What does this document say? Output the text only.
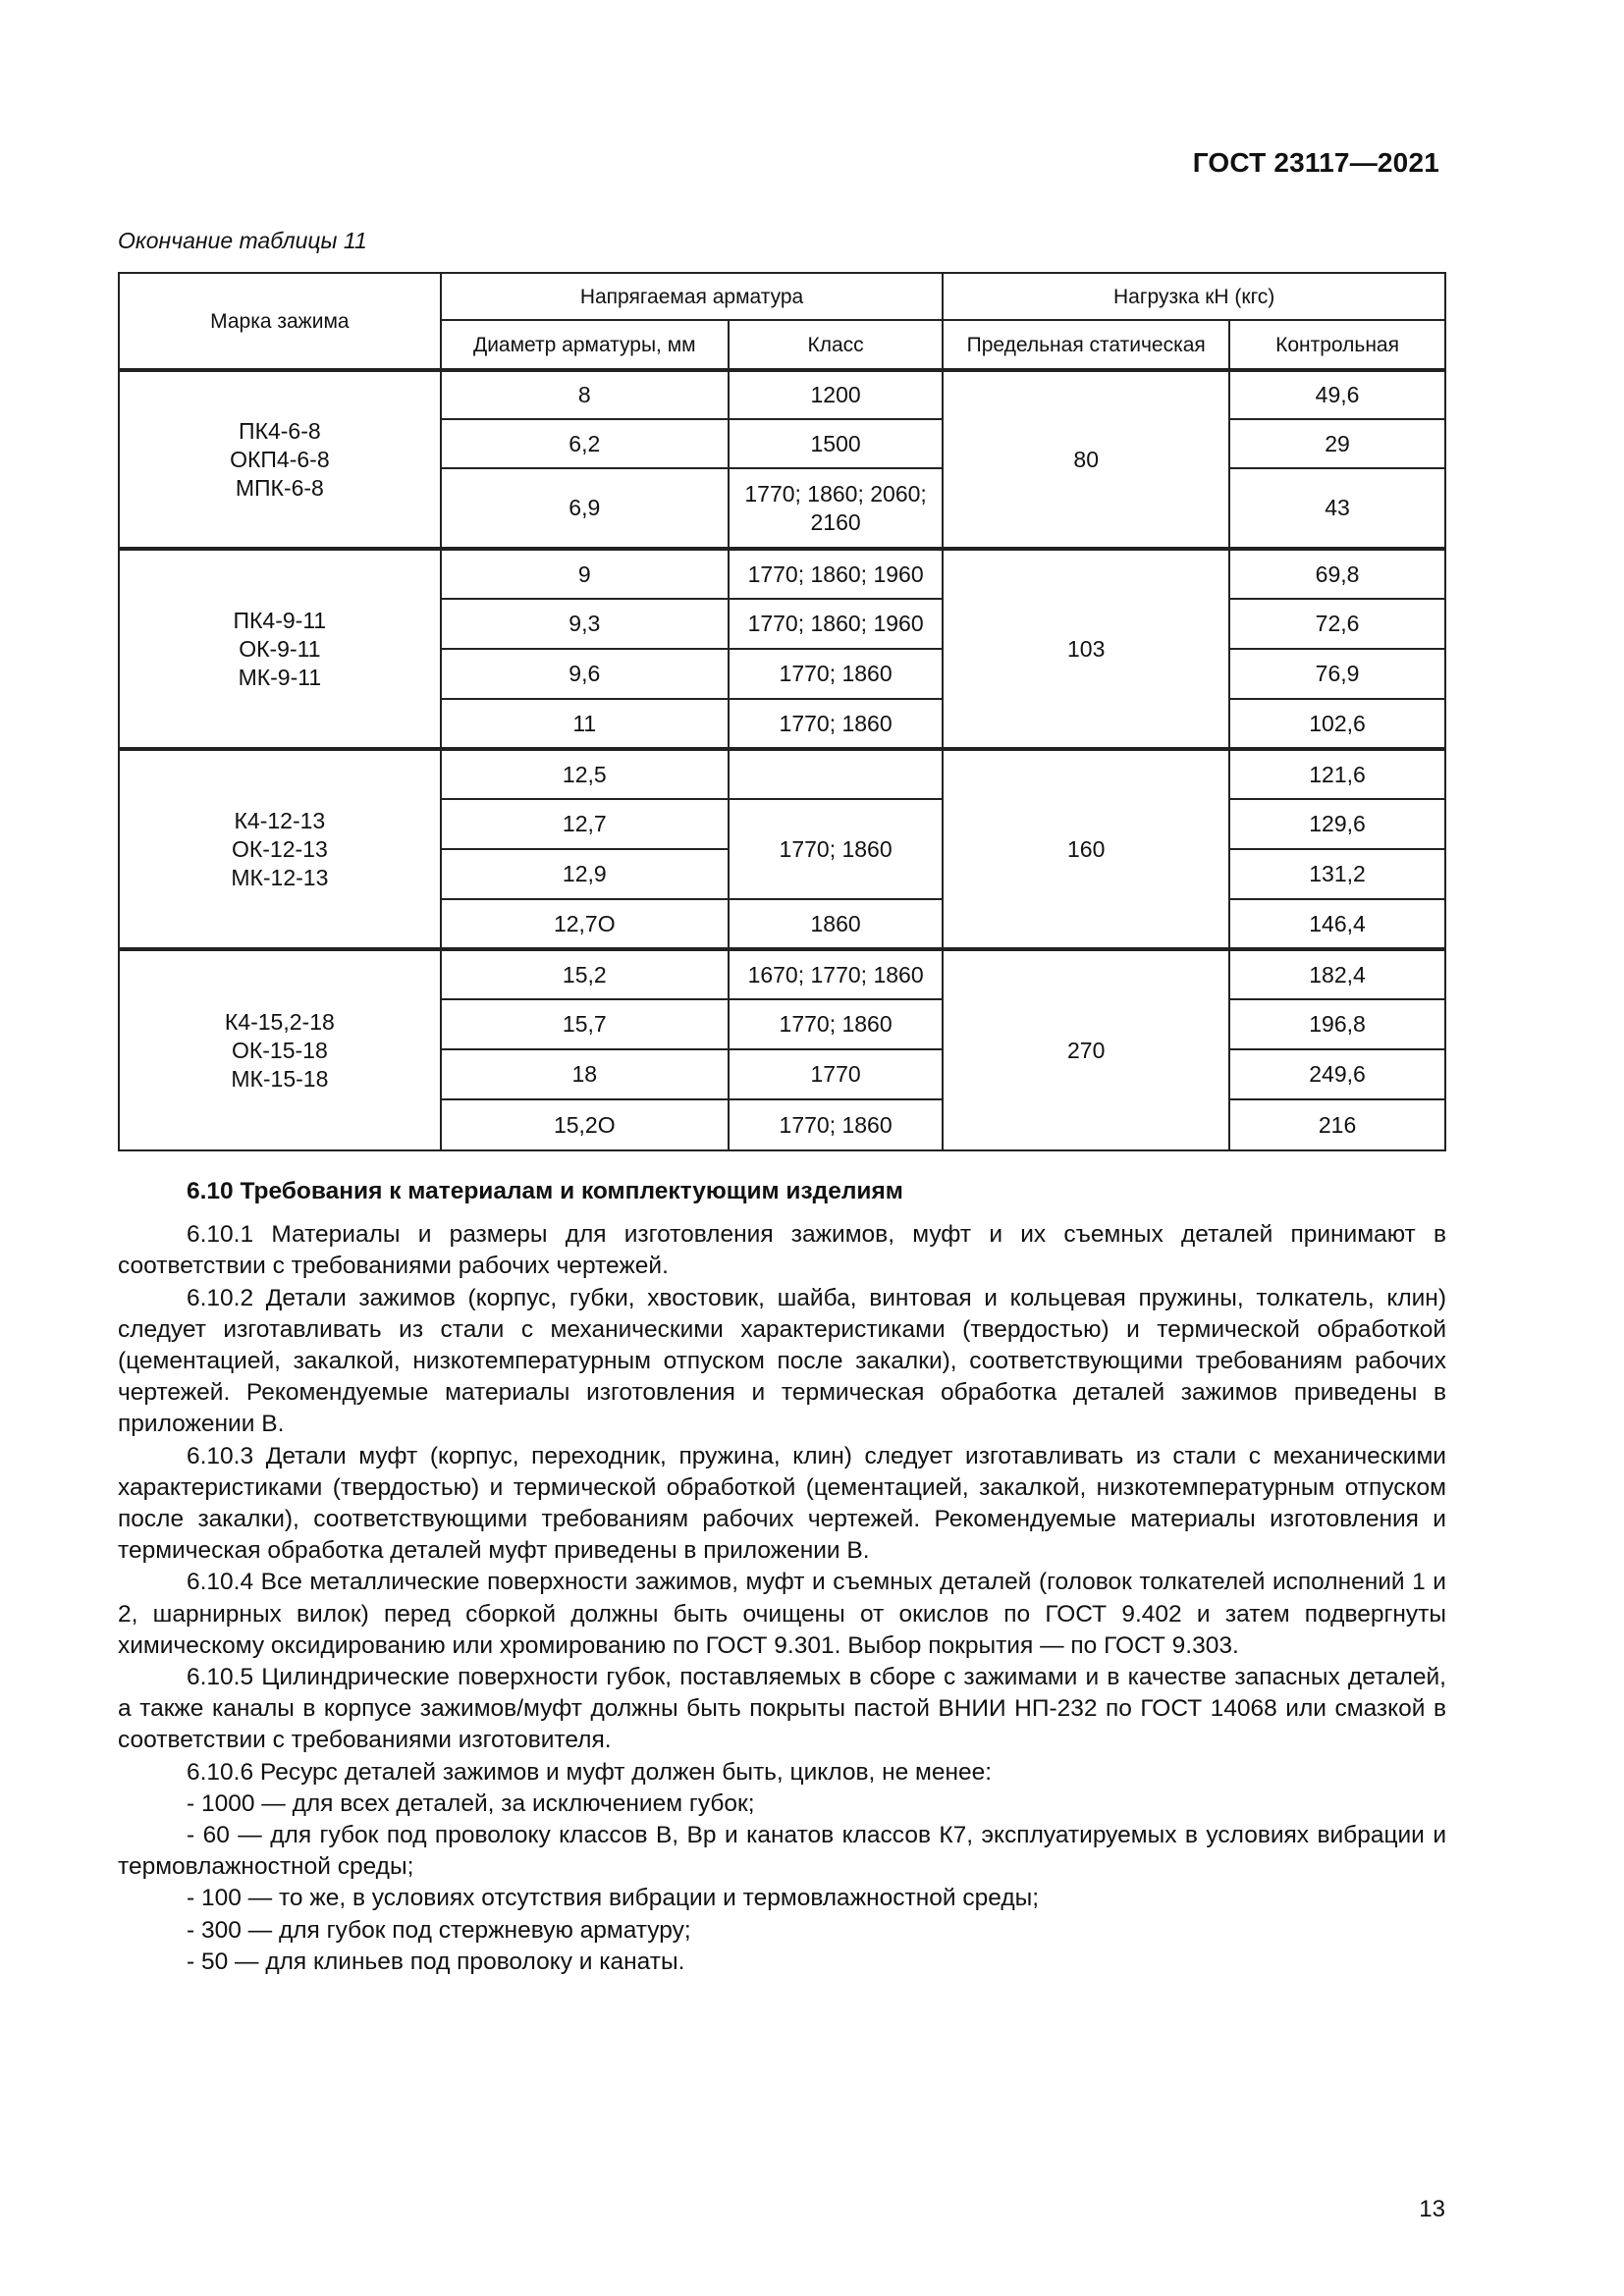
ГОСТ 23117—2021
Окончание таблицы 11
Марка зажима	Напрягаемая арматура		Нагрузка кН (кгс)	
	Диаметр арматуры, мм	Класс	Предельная статическая	Контрольная

ПК4-6-8
ОКП4-6-8
МПК-6-8	8	1200	80	49,6
	6,2	1500		29
	6,9	1770; 1860; 2060; 2160		43

ПК4-9-11
ОК-9-11
МК-9-11	9	1770; 1860; 1960	103	69,8
	9,3	1770; 1860; 1960		72,6
	9,6	1770; 1860		76,9
	11	1770; 1860		102,6

К4-12-13
ОК-12-13
МК-12-13	12,5		160	121,6
	12,7	1770; 1860		129,6
	12,9			131,2
	12,7О	1860		146,4

К4-15,2-18
ОК-15-18
МК-15-18	15,2	1670; 1770; 1860	270	182,4
	15,7	1770; 1860		196,8
	18	1770		249,6
	15,2О	1770; 1860		216

6.10 Требования к материалам и комплектующим изделиям

6.10.1 Материалы и размеры для изготовления зажимов, муфт и их съемных деталей принимают в соответствии с требованиями рабочих чертежей.

6.10.2 Детали зажимов (корпус, губки, хвостовик, шайба, винтовая и кольцевая пружины, толкатель, клин) следует изготавливать из стали с механическими характеристиками (твердостью) и термической обработкой (цементацией, закалкой, низкотемпературным отпуском после закалки), соответствующими требованиям рабочих чертежей. Рекомендуемые материалы изготовления и термическая обработка деталей зажимов приведены в приложении В.

6.10.3 Детали муфт (корпус, переходник, пружина, клин) следует изготавливать из стали с механическими характеристиками (твердостью) и термической обработкой (цементацией, закалкой, низкотемпературным отпуском после закалки), соответствующими требованиям рабочих чертежей. Рекомендуемые материалы изготовления и термическая обработка деталей муфт приведены в приложении В.

6.10.4 Все металлические поверхности зажимов, муфт и съемных деталей (головок толкателей исполнений 1 и 2, шарнирных вилок) перед сборкой должны быть очищены от окислов по ГОСТ 9.402 и затем подвергнуты химическому оксидированию или хромированию по ГОСТ 9.301. Выбор покрытия — по ГОСТ 9.303.

6.10.5 Цилиндрические поверхности губок, поставляемых в сборе с зажимами и в качестве запасных деталей, а также каналы в корпусе зажимов/муфт должны быть покрыты пастой ВНИИ НП-232 по ГОСТ 14068 или смазкой в соответствии с требованиями изготовителя.

6.10.6 Ресурс деталей зажимов и муфт должен быть, циклов, не менее:

- 1000 — для всех деталей, за исключением губок;

- 60 — для губок под проволоку классов В, Вр и канатов классов К7, эксплуатируемых в условиях вибрации и термовлажностной среды;

- 100 — то же, в условиях отсутствия вибрации и термовлажностной среды;

- 300 — для губок под стержневую арматуру;

- 50 — для клиньев под проволоку и канаты.

13
